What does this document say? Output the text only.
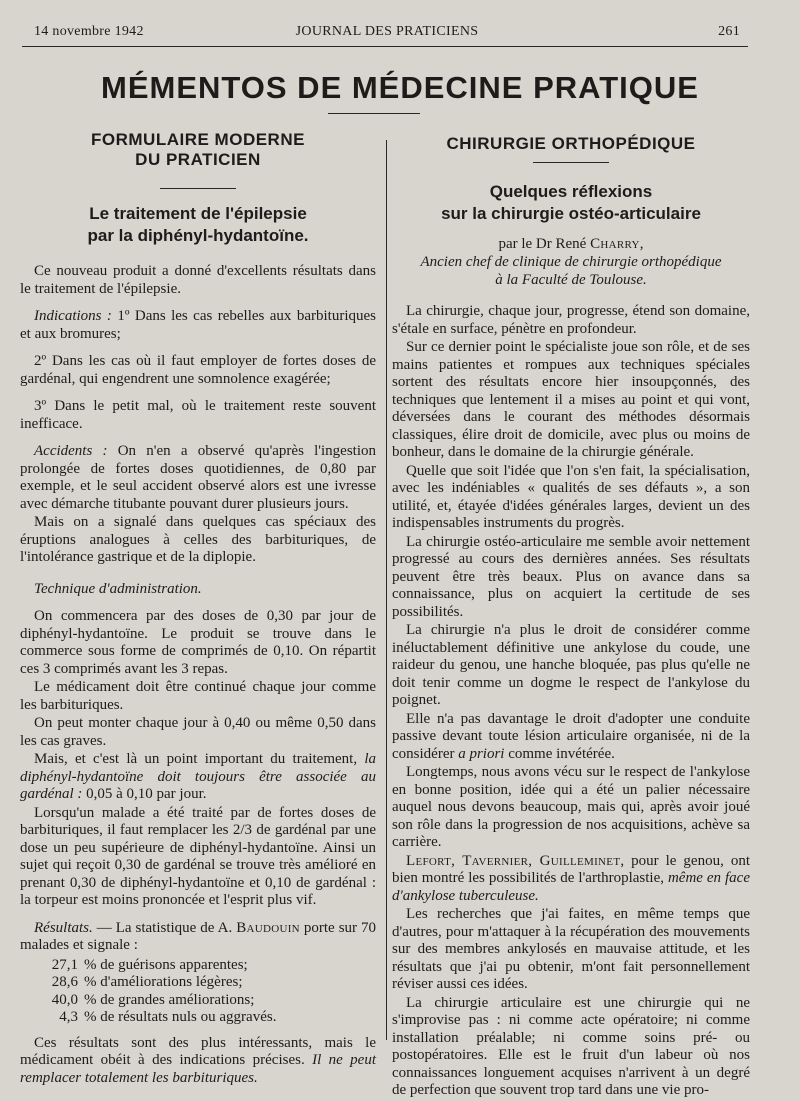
14 novembre 1942	JOURNAL DES PRATICIENS	261
MÉMENTOS DE MÉDECINE PRATIQUE
FORMULAIRE MODERNE
DU PRATICIEN
Le traitement de l'épilepsie
par la diphényl-hydantoïne.

Ce nouveau produit a donné d'excellents résultats dans le traitement de l'épilepsie.

Indications : 1º Dans les cas rebelles aux barbituriques et aux bromures;

2º Dans les cas où il faut employer de fortes doses de gardénal, qui engendrent une somnolence exagérée;

3º Dans le petit mal, où le traitement reste souvent inefficace.

Accidents : On n'en a observé qu'après l'ingestion prolongée de fortes doses quotidiennes, de 0,80 par exemple, et le seul accident observé alors est une ivresse avec démarche titubante pouvant durer plusieurs jours.

Mais on a signalé dans quelques cas spéciaux des éruptions analogues à celles des barbituriques, de l'intolérance gastrique et de la diplopie.

Technique d'administration.

On commencera par des doses de 0,30 par jour de diphényl-hydantoïne. Le produit se trouve dans le commerce sous forme de comprimés de 0,10. On répartit ces 3 comprimés avant les 3 repas.

Le médicament doit être continué chaque jour comme les barbituriques.

On peut monter chaque jour à 0,40 ou même 0,50 dans les cas graves.

Mais, et c'est là un point important du traitement, la diphényl-hydantoïne doit toujours être associée au gardénal : 0,05 à 0,10 par jour.

Lorsqu'un malade a été traité par de fortes doses de barbituriques, il faut remplacer les 2/3 de gardénal par une dose un peu supérieure de diphényl-hydantoïne. Ainsi un sujet qui reçoit 0,30 de gardénal se trouve très amélioré en prenant 0,30 de diphényl-hydantoïne et 0,10 de gardénal : la torpeur est moins prononcée et l'esprit plus vif.

Résultats. — La statistique de A. Baudouin porte sur 70 malades et signale :

27,1 % de guérisons apparentes;
28,6 % d'améliorations légères;
40,0 % de grandes améliorations;
4,3 % de résultats nuls ou aggravés.

Ces résultats sont des plus intéressants, mais le médicament obéit à des indications précises. Il ne peut remplacer totalement les barbituriques.

CHIRURGIE ORTHOPÉDIQUE
Quelques réflexions
sur la chirurgie ostéo-articulaire
par le Dr René Charry,
Ancien chef de clinique de chirurgie orthopédique
à la Faculté de Toulouse.

La chirurgie, chaque jour, progresse, étend son domaine, s'étale en surface, pénètre en profondeur.

Sur ce dernier point le spécialiste joue son rôle, et de ses mains patientes et rompues aux techniques spéciales sortent des résultats encore hier insoupçonnés, des techniques que lentement il a mises au point et qui vont, déversées dans le courant des méthodes désormais classiques, élire droit de domicile, avec plus ou moins de bonheur, dans le domaine de la chirurgie générale.

Quelle que soit l'idée que l'on s'en fait, la spécialisation, avec les indéniables « qualités de ses défauts », a son utilité, et, étayée d'idées générales larges, devient un des indispensables instruments du progrès.

La chirurgie ostéo-articulaire me semble avoir nettement progressé au cours des dernières années. Ses résultats peuvent être très beaux. Plus on avance dans sa connaissance, plus on acquiert la certitude de ses possibilités.

La chirurgie n'a plus le droit de considérer comme inéluctablement définitive une ankylose du coude, une raideur du genou, une hanche bloquée, pas plus qu'elle ne doit tenir comme un dogme le respect de l'ankylose du poignet.

Elle n'a pas davantage le droit d'adopter une conduite passive devant toute lésion articulaire organisée, ni de la considérer a priori comme invétérée.

Longtemps, nous avons vécu sur le respect de l'ankylose en bonne position, idée qui a été un palier nécessaire auquel nous devons beaucoup, mais qui, après avoir joué son rôle dans la progression de nos acquisitions, achève sa carrière.

Lefort, Tavernier, Guilleminet, pour le genou, ont bien montré les possibilités de l'arthroplastie, même en face d'ankylose tuberculeuse.

Les recherches que j'ai faites, en même temps que d'autres, pour m'attaquer à la récupération des mouvements sur des membres ankylosés en mauvaise attitude, et les résultats que j'ai pu obtenir, m'ont fait personnellement réviser aussi ces idées.

La chirurgie articulaire est une chirurgie qui ne s'improvise pas : ni comme acte opératoire; ni comme installation préalable; ni comme soins pré- ou postopératoires. Elle est le fruit d'un labeur où nos connaissances longuement acquises n'arrivent à un degré de perfection que souvent trop tard dans une vie pro-
